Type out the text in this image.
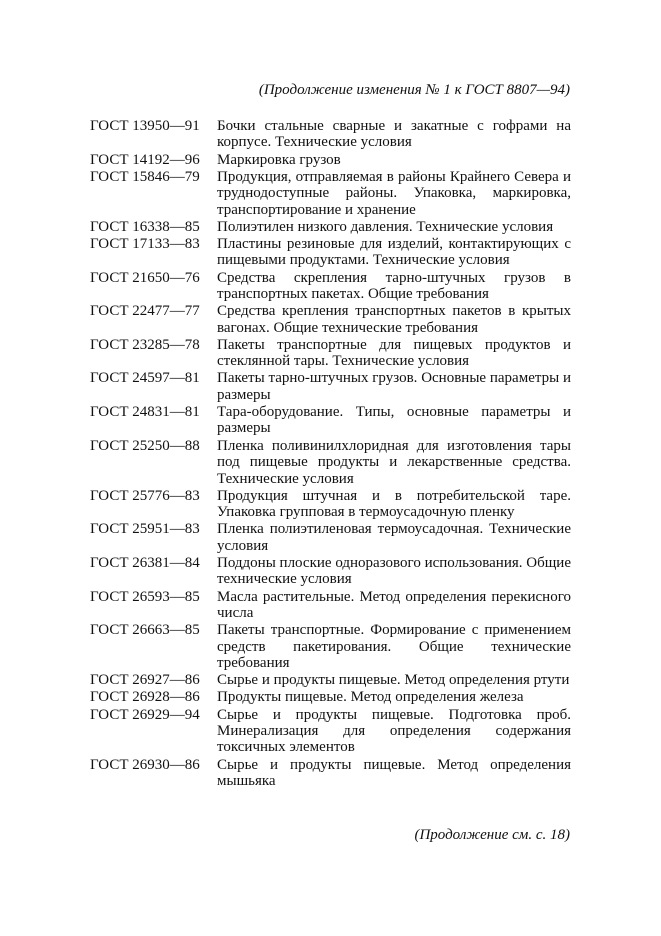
(Продолжение изменения № 1 к ГОСТ 8807—94)
ГОСТ 13950—91	Бочки стальные сварные и закатные с гофрами на корпусе. Технические условия
ГОСТ 14192—96	Маркировка грузов
ГОСТ 15846—79	Продукция, отправляемая в районы Крайнего Севера и труднодоступные районы. Упаковка, маркировка, транспортирование и хранение
ГОСТ 16338—85	Полиэтилен низкого давления. Технические условия
ГОСТ 17133—83	Пластины резиновые для изделий, контактирующих с пищевыми продуктами. Технические условия
ГОСТ 21650—76	Средства скрепления тарно-штучных грузов в транспортных пакетах. Общие требования
ГОСТ 22477—77	Средства крепления транспортных пакетов в крытых вагонах. Общие технические требования
ГОСТ 23285—78	Пакеты транспортные для пищевых продуктов и стеклянной тары. Технические условия
ГОСТ 24597—81	Пакеты тарно-штучных грузов. Основные параметры и размеры
ГОСТ 24831—81	Тара-оборудование. Типы, основные параметры и размеры
ГОСТ 25250—88	Пленка поливинилхлоридная для изготовления тары под пищевые продукты и лекарственные средства. Технические условия
ГОСТ 25776—83	Продукция штучная и в потребительской таре. Упаковка групповая в термоусадочную пленку
ГОСТ 25951—83	Пленка полиэтиленовая термоусадочная. Технические условия
ГОСТ 26381—84	Поддоны плоские одноразового использования. Общие технические условия
ГОСТ 26593—85	Масла растительные. Метод определения перекисного числа
ГОСТ 26663—85	Пакеты транспортные. Формирование с применением средств пакетирования. Общие технические требования
ГОСТ 26927—86	Сырье и продукты пищевые. Метод определения ртути
ГОСТ 26928—86	Продукты пищевые. Метод определения железа
ГОСТ 26929—94	Сырье и продукты пищевые. Подготовка проб. Минерализация для определения содержания токсичных элементов
ГОСТ 26930—86	Сырье и продукты пищевые. Метод определения мышьяка
(Продолжение см. с. 18)
